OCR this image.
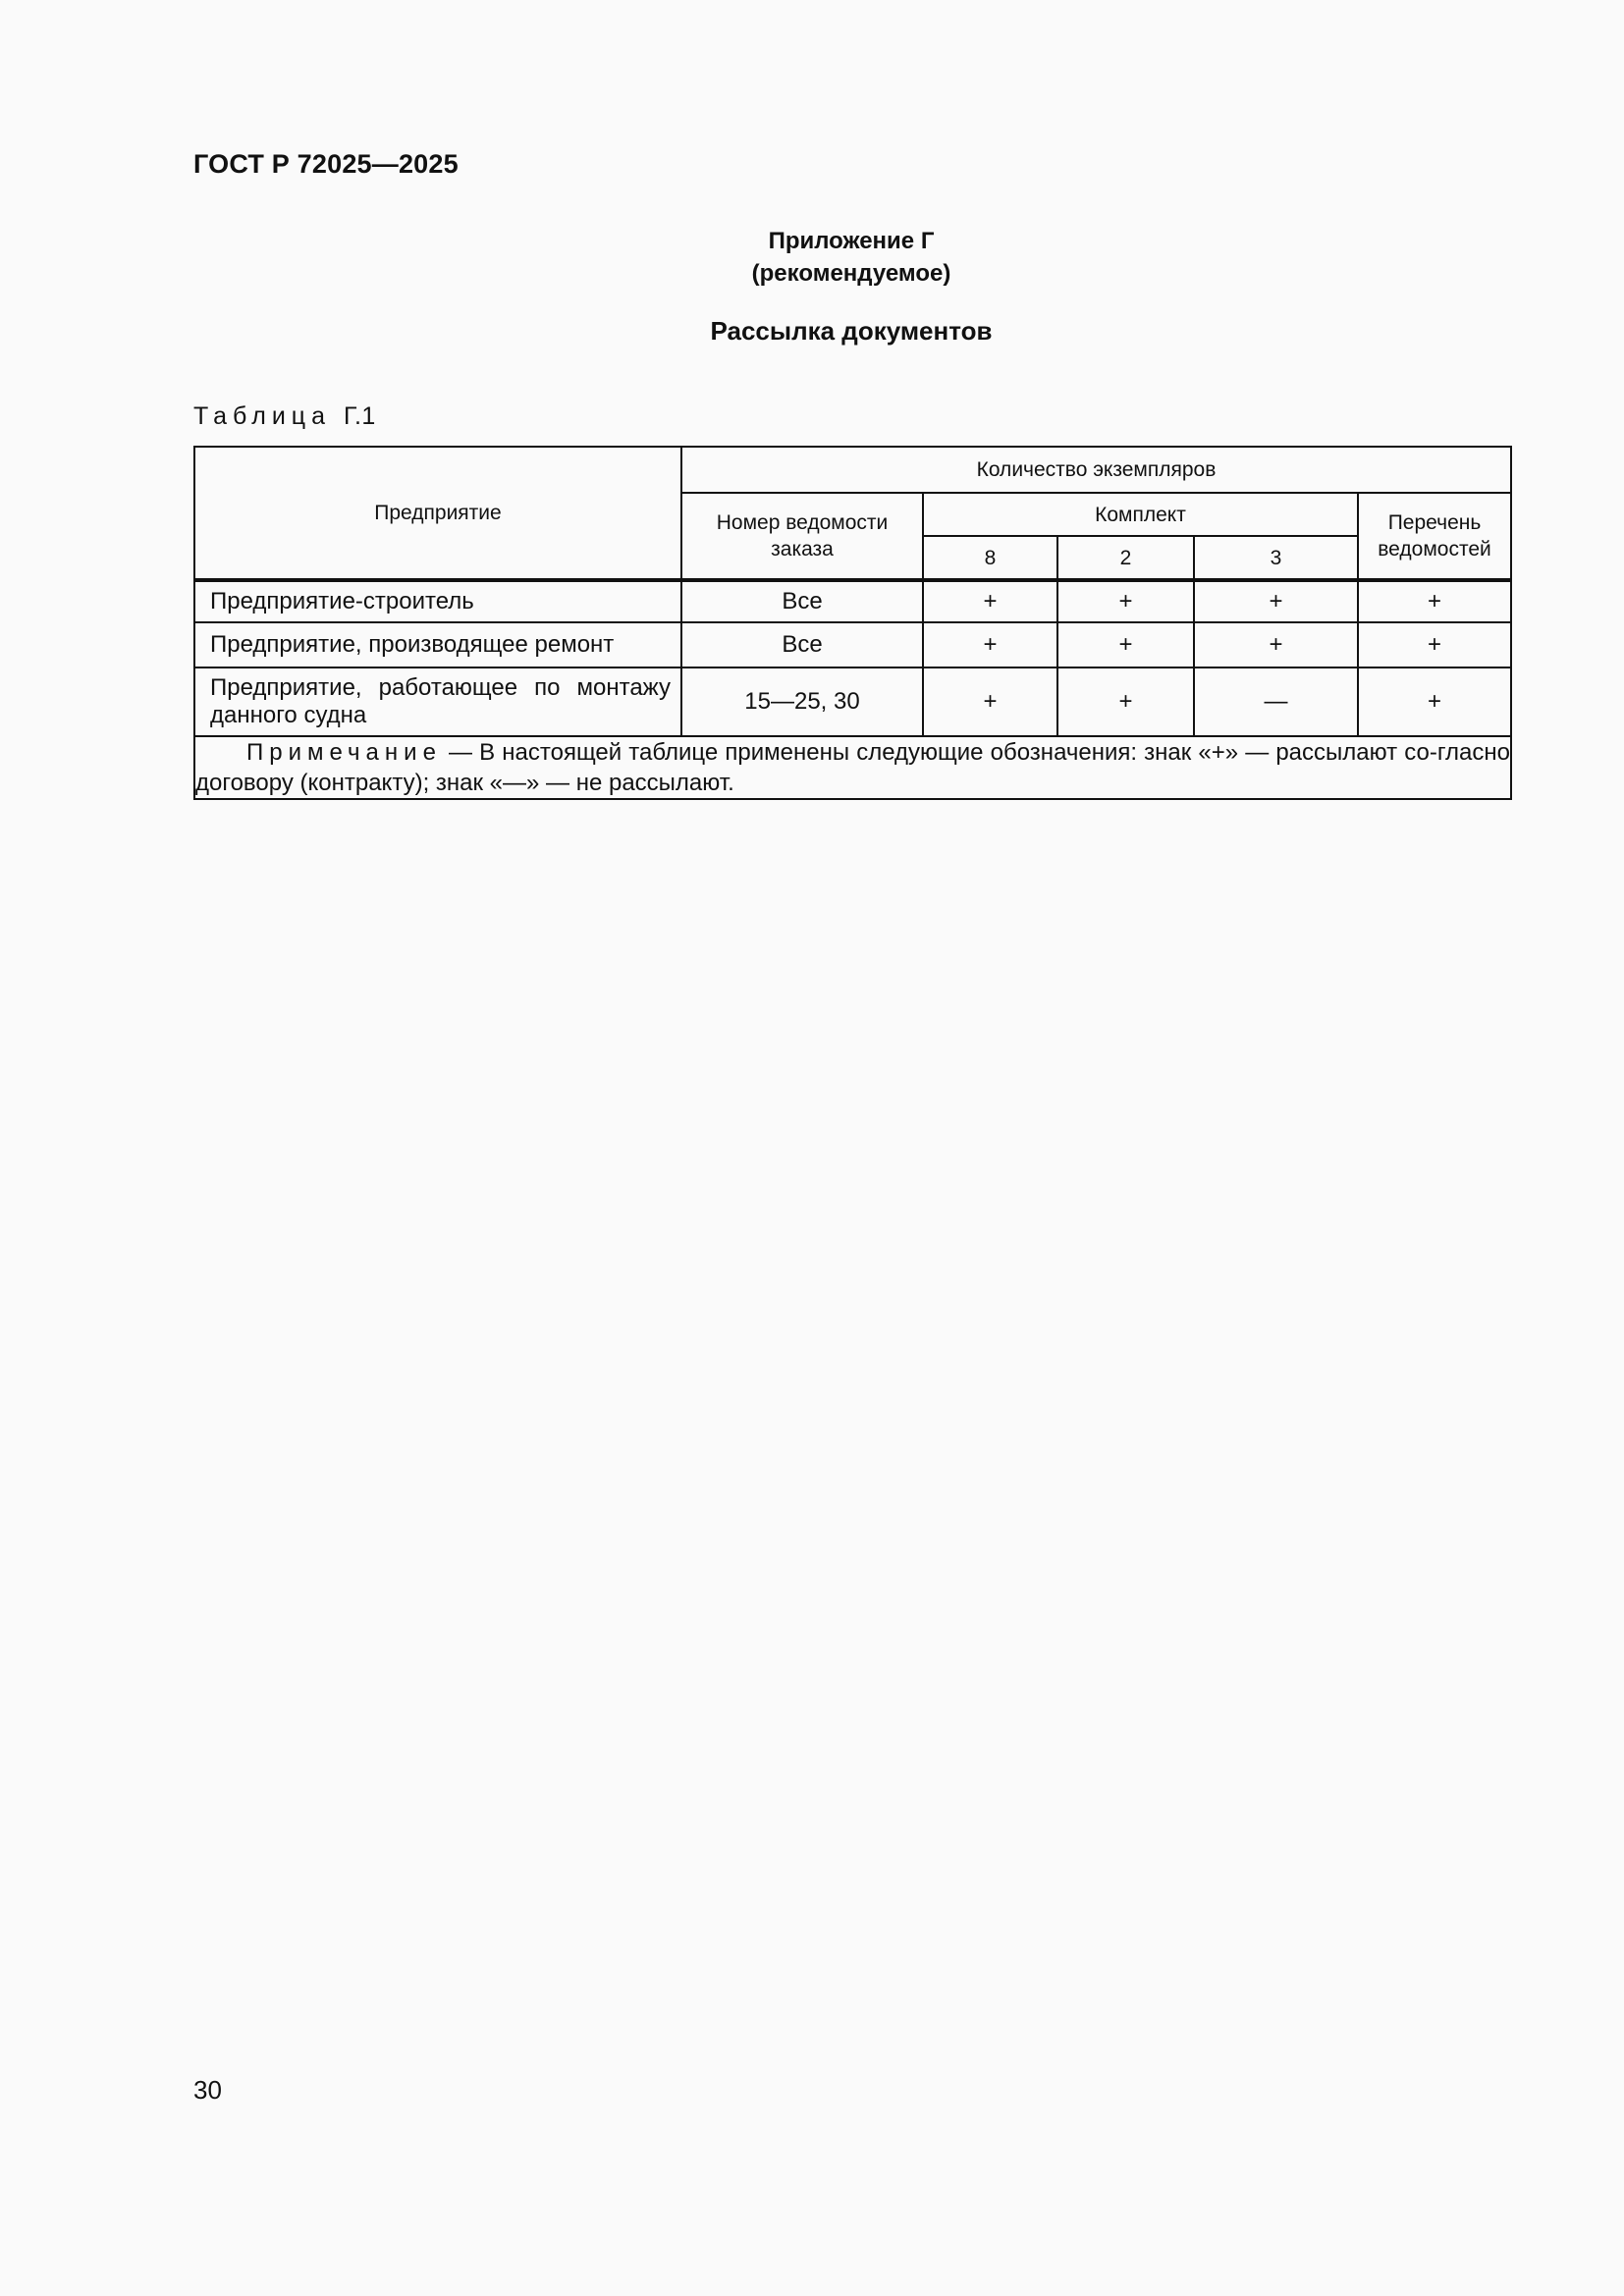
ГОСТ Р 72025—2025
Приложение Г
(рекомендуемое)
Рассылка документов
Таблица Г.1
Предприятие	Количество экземпляров				
	Номер ведомости заказа	Комплект			Перечень ведомостей
		8	2	3	

Предприятие-строитель	Все	+	+	+	+
Предприятие, производящее ремонт	Все	+	+	+	+
Предприятие, работающее по монтажу данного судна	15—25, 30	+	+	—	+
Примечание — В настоящей таблице применены следующие обозначения: знак «+» — рассылают со-гласно договору (контракту); знак «—» — не рассылают.					
30
